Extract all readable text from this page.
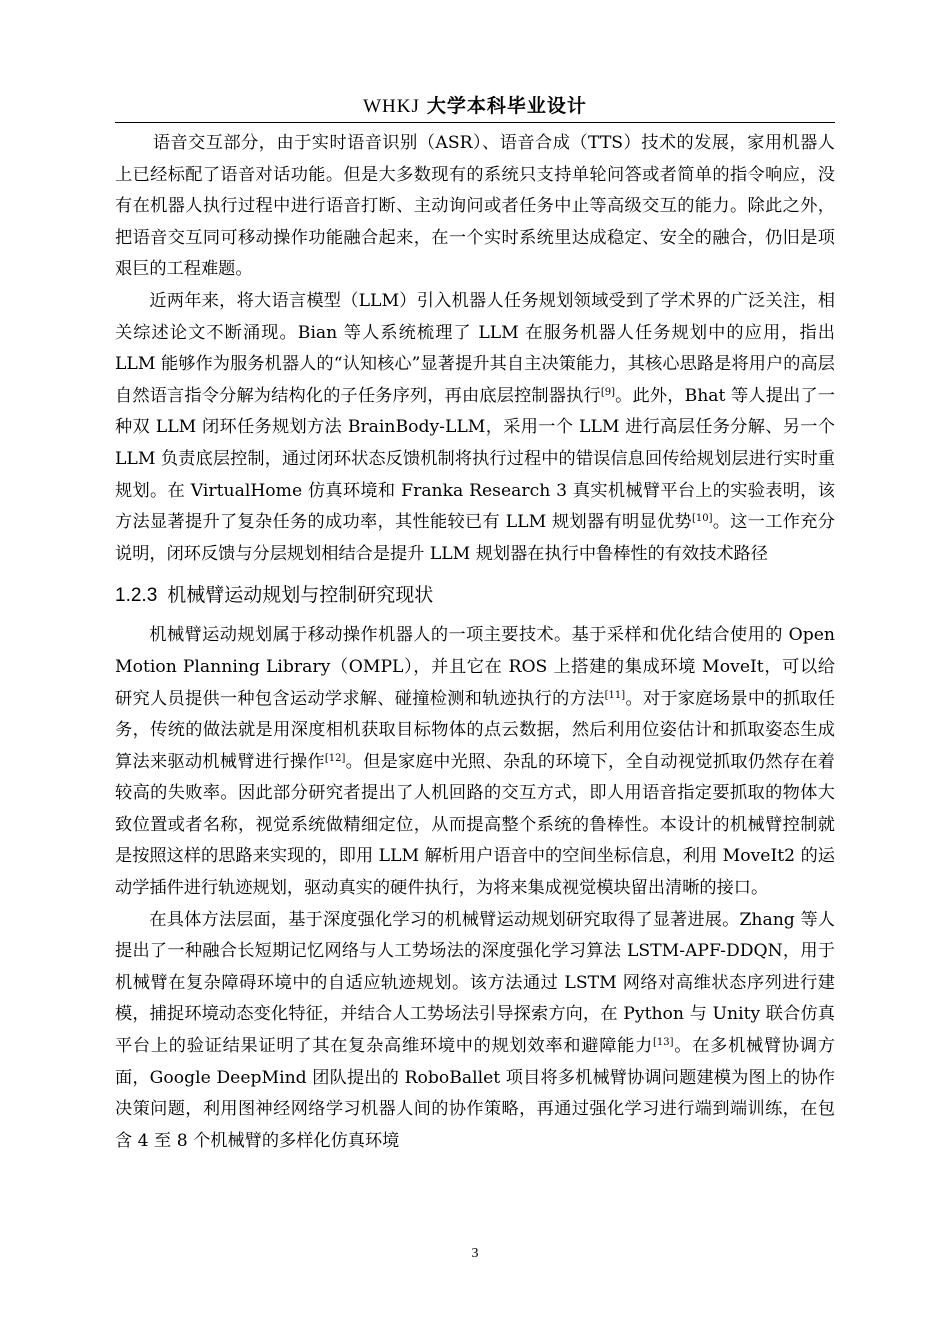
WHKJ 大学本科毕业设计

语音交互部分，由于实时语音识别（ASR）、语音合成（TTS）技术的发展，家用机器人上已经标配了语音对话功能。但是大多数现有的系统只支持单轮问答或者简单的指令响应，没有在机器人执行过程中进行语音打断、主动询问或者任务中止等高级交互的能力。除此之外，把语音交互同可移动操作功能融合起来，在一个实时系统里达成稳定、安全的融合，仍旧是项艰巨的工程难题。

近两年来，将大语言模型（LLM）引入机器人任务规划领域受到了学术界的广泛关注，相关综述论文不断涌现。Bian 等人系统梳理了 LLM 在服务机器人任务规划中的应用，指出 LLM 能够作为服务机器人的“认知核心”显著提升其自主决策能力，其核心思路是将用户的高层自然语言指令分解为结构化的子任务序列，再由底层控制器执行[9]。此外，Bhat 等人提出了一种双 LLM 闭环任务规划方法 BrainBody-LLM，采用一个 LLM 进行高层任务分解、另一个 LLM 负责底层控制，通过闭环状态反馈机制将执行过程中的错误信息回传给规划层进行实时重规划。在 VirtualHome 仿真环境和 Franka Research 3 真实机械臂平台上的实验表明，该方法显著提升了复杂任务的成功率，其性能较已有 LLM 规划器有明显优势[10]。这一工作充分说明，闭环反馈与分层规划相结合是提升 LLM 规划器在执行中鲁棒性的有效技术路径

1.2.3 机械臂运动规划与控制研究现状

机械臂运动规划属于移动操作机器人的一项主要技术。基于采样和优化结合使用的 Open Motion Planning Library（OMPL），并且它在 ROS 上搭建的集成环境 MoveIt，可以给研究人员提供一种包含运动学求解、碰撞检测和轨迹执行的方法[11]。对于家庭场景中的抓取任务，传统的做法就是用深度相机获取目标物体的点云数据，然后利用位姿估计和抓取姿态生成算法来驱动机械臂进行操作[12]。但是家庭中光照、杂乱的环境下，全自动视觉抓取仍然存在着较高的失败率。因此部分研究者提出了人机回路的交互方式，即人用语音指定要抓取的物体大致位置或者名称，视觉系统做精细定位，从而提高整个系统的鲁棒性。本设计的机械臂控制就是按照这样的思路来实现的，即用 LLM 解析用户语音中的空间坐标信息，利用 MoveIt2 的运动学插件进行轨迹规划，驱动真实的硬件执行，为将来集成视觉模块留出清晰的接口。

在具体方法层面，基于深度强化学习的机械臂运动规划研究取得了显著进展。Zhang 等人提出了一种融合长短期记忆网络与人工势场法的深度强化学习算法 LSTM-APF-DDQN，用于机械臂在复杂障碍环境中的自适应轨迹规划。该方法通过 LSTM 网络对高维状态序列进行建模，捕捉环境动态变化特征，并结合人工势场法引导探索方向，在 Python 与 Unity 联合仿真平台上的验证结果证明了其在复杂高维环境中的规划效率和避障能力[13]。在多机械臂协调方面，Google DeepMind 团队提出的 RoboBallet 项目将多机械臂协调问题建模为图上的协作决策问题，利用图神经网络学习机器人间的协作策略，再通过强化学习进行端到端训练，在包含 4 至 8 个机械臂的多样化仿真环境

3
